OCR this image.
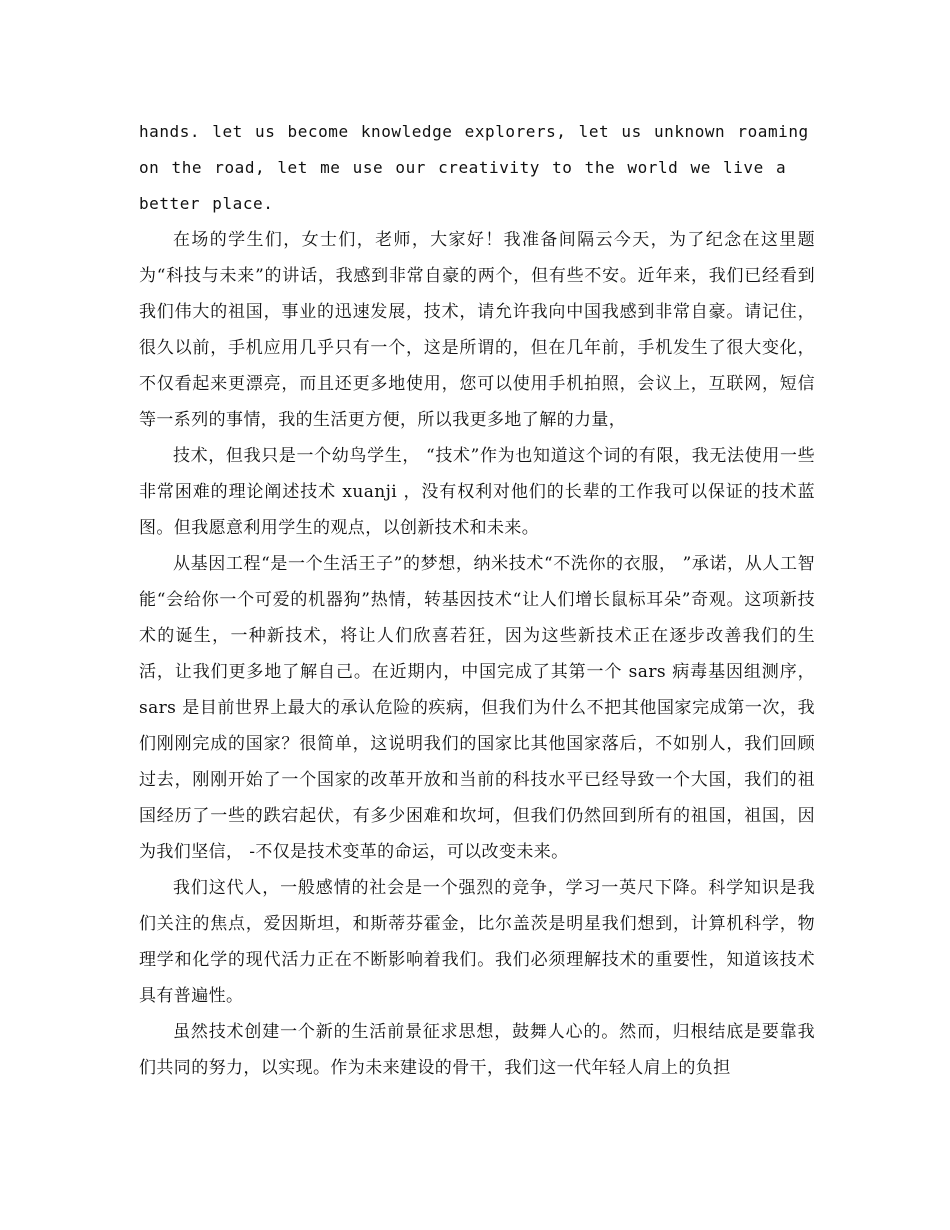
hands. let us become knowledge explorers, let us unknown roaming on the road, let me use our creativity to the world we live a better place.

在场的学生们，女士们，老师，大家好！我准备间隔云今天，为了纪念在这里题为“科技与未来”的讲话，我感到非常自豪的两个，但有些不安。近年来，我们已经看到我们伟大的祖国，事业的迅速发展，技术，请允许我向中国我感到非常自豪。请记住，很久以前，手机应用几乎只有一个，这是所谓的，但在几年前，手机发生了很大变化，不仅看起来更漂亮，而且还更多地使用，您可以使用手机拍照，会议上，互联网，短信等一系列的事情，我的生活更方便，所以我更多地了解的力量，

技术，但我只是一个幼鸟学生， “技术”作为也知道这个词的有限，我无法使用一些非常困难的理论阐述技术 xuanji ，没有权利对他们的长辈的工作我可以保证的技术蓝图。但我愿意利用学生的观点，以创新技术和未来。

从基因工程“是一个生活王子”的梦想，纳米技术“不洗你的衣服， ”承诺，从人工智能“会给你一个可爱的机器狗”热情，转基因技术“让人们增长鼠标耳朵”奇观。这项新技术的诞生，一种新技术，将让人们欣喜若狂，因为这些新技术正在逐步改善我们的生活，让我们更多地了解自己。在近期内，中国完成了其第一个 sars 病毒基因组测序， sars 是目前世界上最大的承认危险的疾病，但我们为什么不把其他国家完成第一次，我们刚刚完成的国家？很简单，这说明我们的国家比其他国家落后，不如别人，我们回顾过去，刚刚开始了一个国家的改革开放和当前的科技水平已经导致一个大国，我们的祖国经历了一些的跌宕起伏，有多少困难和坎坷，但我们仍然回到所有的祖国，祖国，因为我们坚信， -不仅是技术变革的命运，可以改变未来。

我们这代人，一般感情的社会是一个强烈的竞争，学习一英尺下降。科学知识是我们关注的焦点，爱因斯坦，和斯蒂芬霍金，比尔盖茨是明星我们想到，计算机科学，物理学和化学的现代活力正在不断影响着我们。我们必须理解技术的重要性，知道该技术具有普遍性。

虽然技术创建一个新的生活前景征求思想，鼓舞人心的。然而，归根结底是要靠我们共同的努力，以实现。作为未来建设的骨干，我们这一代年轻人肩上的负担
